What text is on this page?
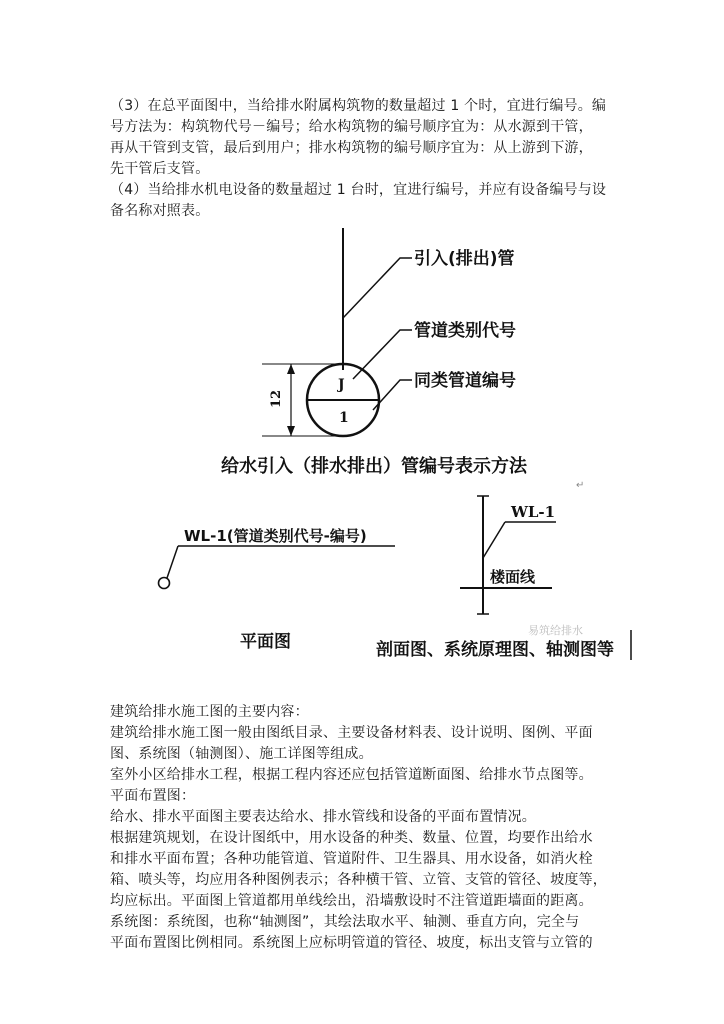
（3）在总平面图中，当给排水附属构筑物的数量超过 1 个时，宜进行编号。编
号方法为：构筑物代号－编号；给水构筑物的编号顺序宜为：从水源到干管，
再从干管到支管，最后到用户；排水构筑物的编号顺序宜为：从上游到下游，
先干管后支管。
（4）当给排水机电设备的数量超过 1 台时，宜进行编号，并应有设备编号与设
备名称对照表。
J
1
引入(排出)管
管道类别代号
同类管道编号
12
给水引入（排水排出）管编号表示方法
↵
WL-1(管道类别代号-编号)
平面图
WL-1
楼面线
易筑给排水
剖面图、系统原理图、轴测图等
建筑给排水施工图的主要内容：
建筑给排水施工图一般由图纸目录、主要设备材料表、设计说明、图例、平面
图、系统图（轴测图）、施工详图等组成。
室外小区给排水工程，根据工程内容还应包括管道断面图、给排水节点图等。
平面布置图：
给水、排水平面图主要表达给水、排水管线和设备的平面布置情况。
根据建筑规划，在设计图纸中，用水设备的种类、数量、位置，均要作出给水
和排水平面布置；各种功能管道、管道附件、卫生器具、用水设备，如消火栓
箱、喷头等，均应用各种图例表示；各种横干管、立管、支管的管径、坡度等，
均应标出。平面图上管道都用单线绘出，沿墙敷设时不注管道距墙面的距离。
系统图：系统图，也称“轴测图”，其绘法取水平、轴测、垂直方向，完全与
平面布置图比例相同。系统图上应标明管道的管径、坡度，标出支管与立管的
